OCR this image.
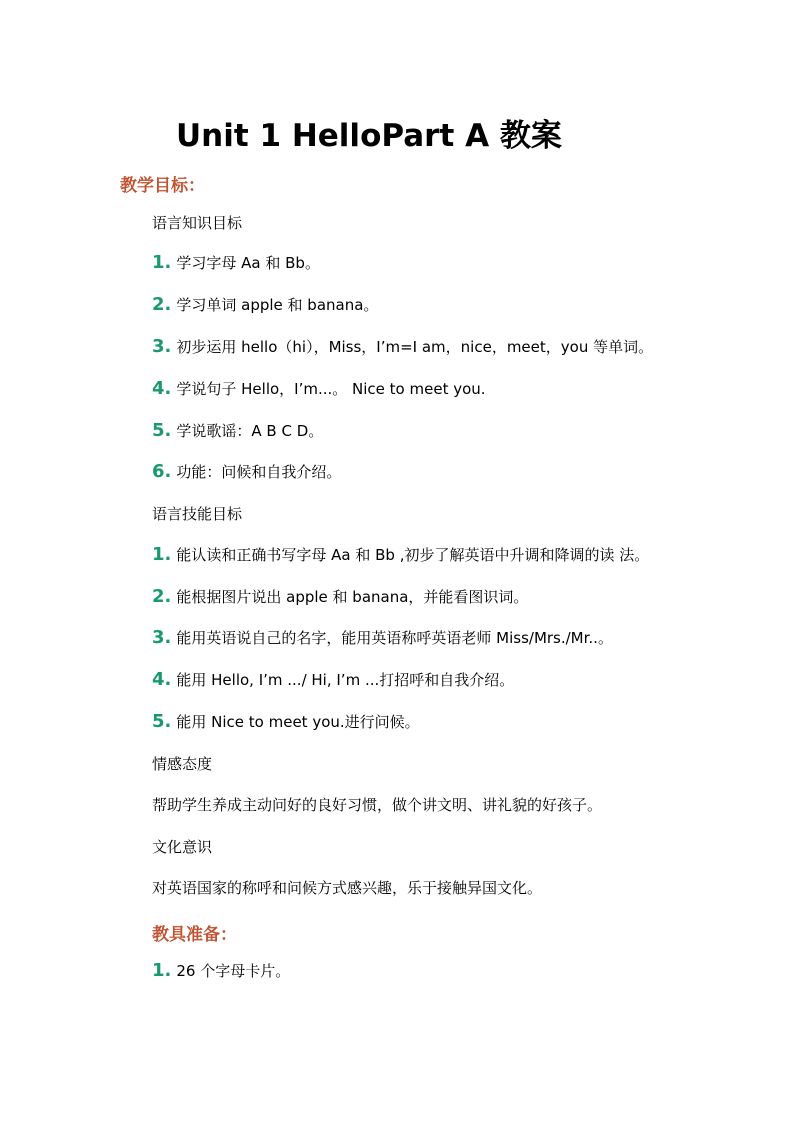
Unit 1 HelloPart A 教案
教学目标：
语言知识目标
1. 学习字母 Aa 和 Bb。
2. 学习单词 apple 和 banana。
3. 初步运用 hello（hi），Miss，I’m=I am，nice，meet，you 等单词。
4. 学说句子 Hello，I’m...。 Nice to meet you.
5. 学说歌谣：A B C D。
6. 功能：问候和自我介绍。
语言技能目标
1. 能认读和正确书写字母 Aa 和 Bb ,初步了解英语中升调和降调的读 法。
2. 能根据图片说出 apple 和 banana，并能看图识词。
3. 能用英语说自己的名字，能用英语称呼英语老师 Miss/Mrs./Mr..。
4. 能用 Hello, I’m .../ Hi, I’m ...打招呼和自我介绍。
5. 能用 Nice to meet you.进行问候。
情感态度
帮助学生养成主动问好的良好习惯，做个讲文明、讲礼貌的好孩子。
文化意识
对英语国家的称呼和问候方式感兴趣，乐于接触异国文化。
教具准备：
1. 26 个字母卡片。
